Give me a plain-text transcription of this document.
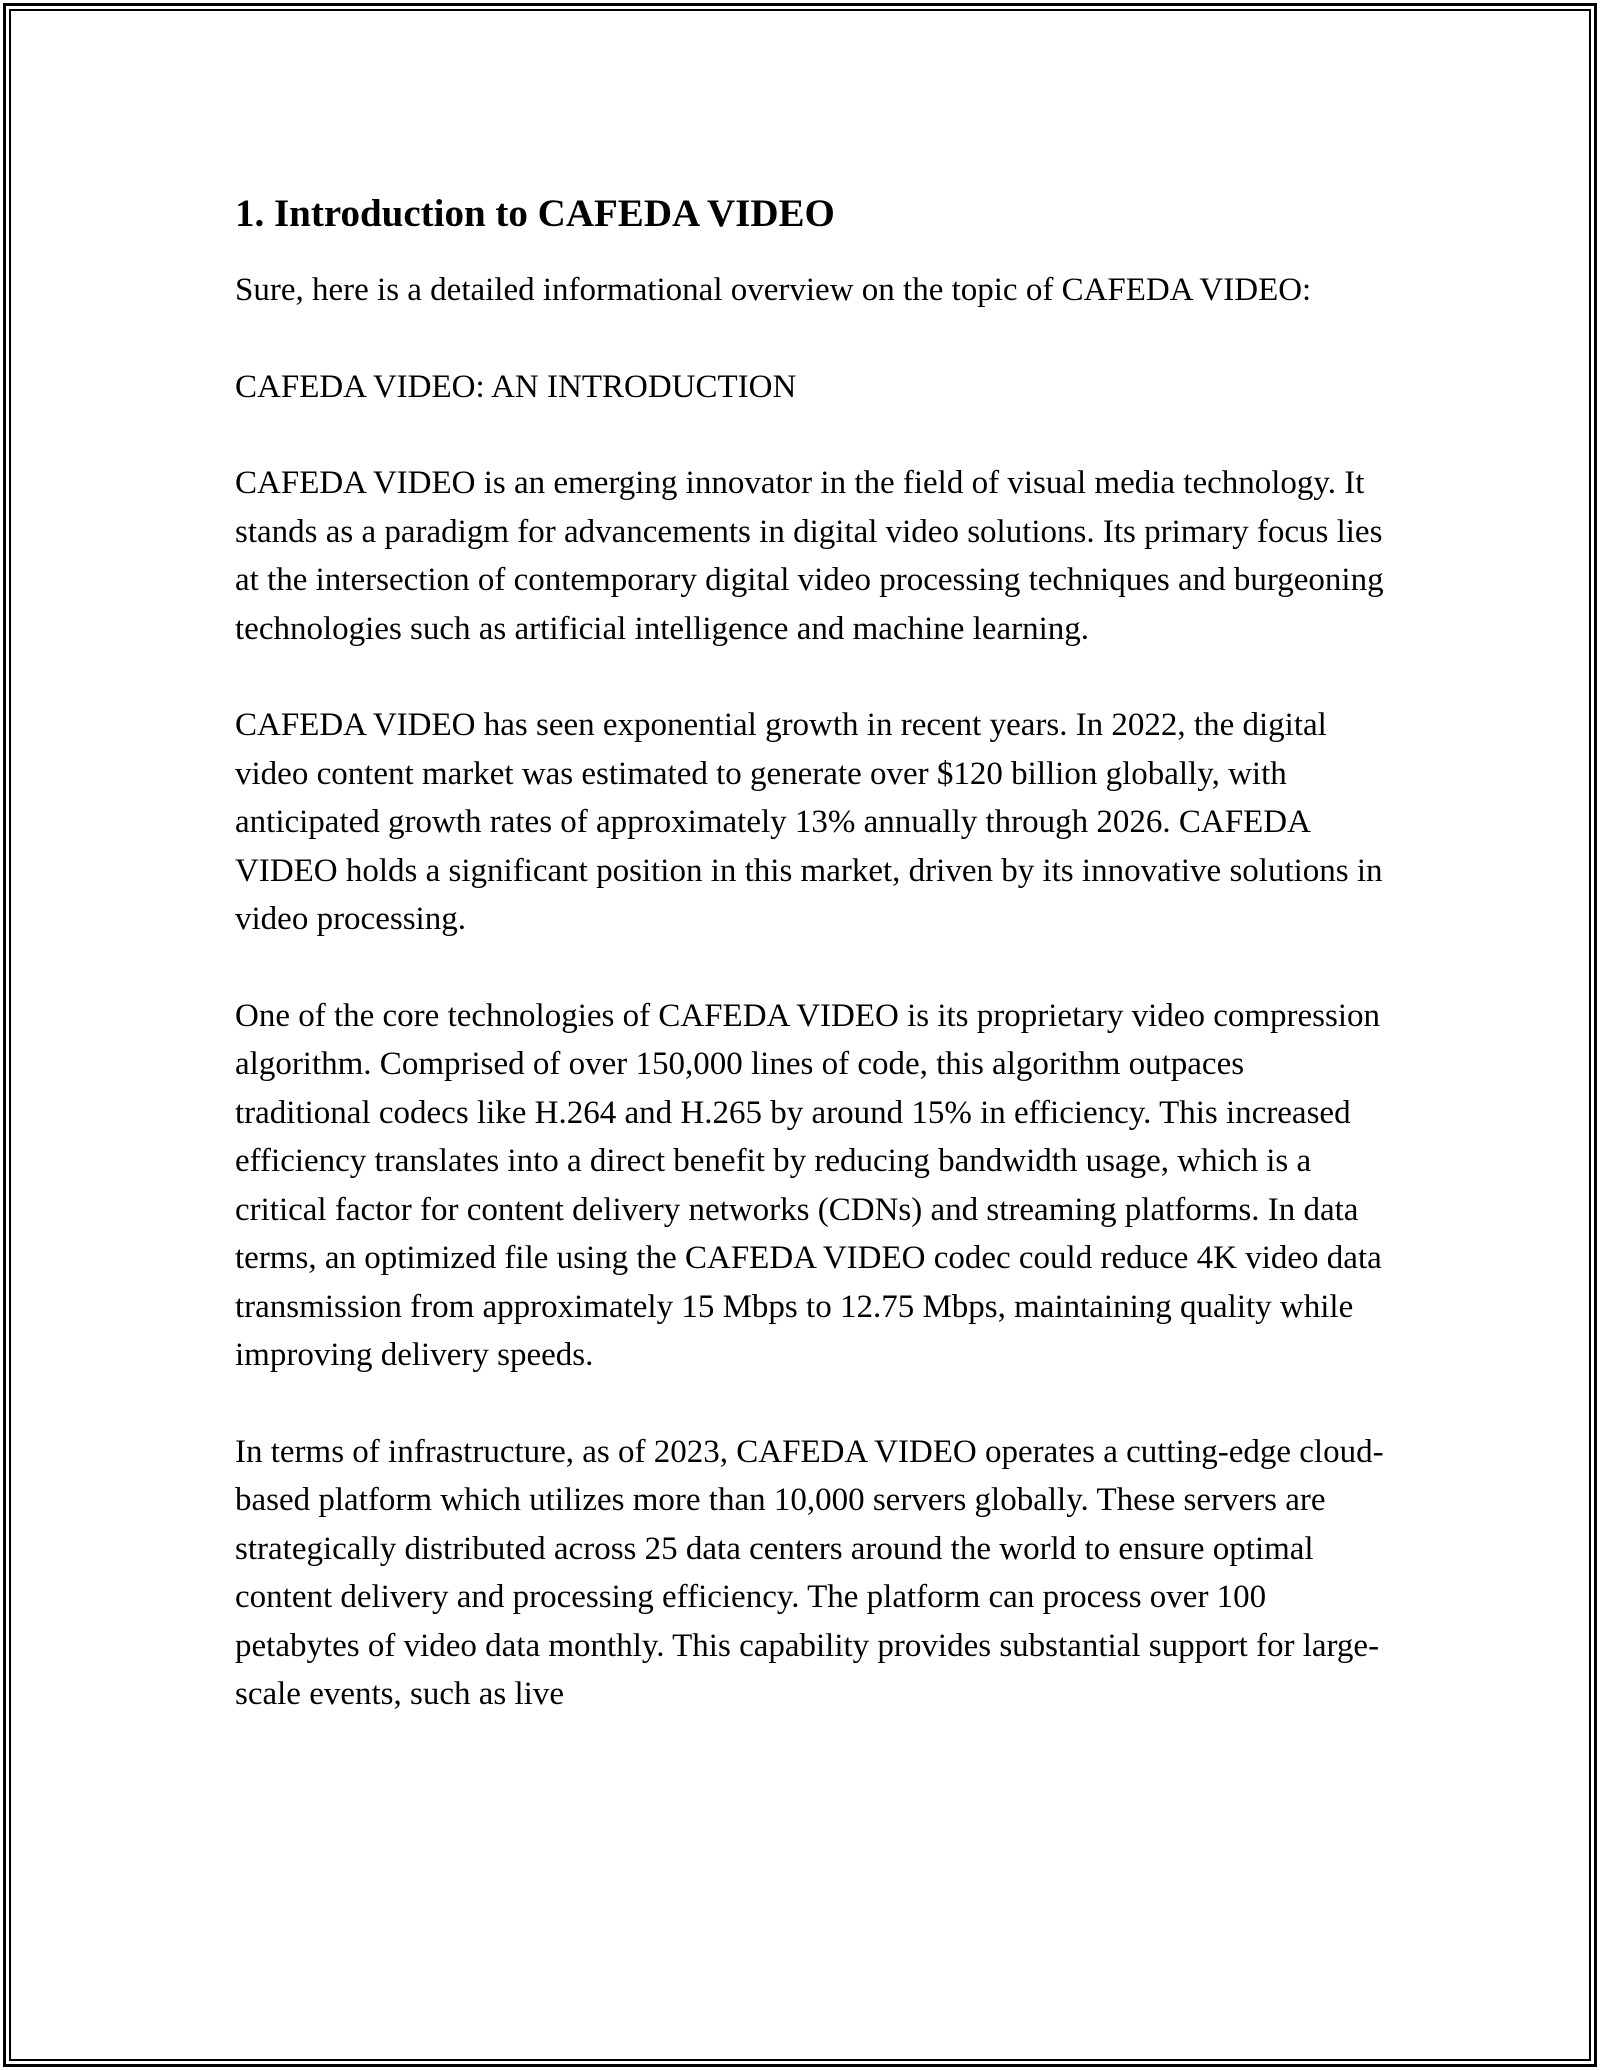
1. Introduction to CAFEDA VIDEO

Sure, here is a detailed informational overview on the topic of CAFEDA VIDEO:

CAFEDA VIDEO: AN INTRODUCTION

CAFEDA VIDEO is an emerging innovator in the field of visual media technology. It stands as a paradigm for advancements in digital video solutions. Its primary focus lies at the intersection of contemporary digital video processing techniques and burgeoning technologies such as artificial intelligence and machine learning.

CAFEDA VIDEO has seen exponential growth in recent years. In 2022, the digital video content market was estimated to generate over $120 billion globally, with anticipated growth rates of approximately 13% annually through 2026. CAFEDA VIDEO holds a significant position in this market, driven by its innovative solutions in video processing.

One of the core technologies of CAFEDA VIDEO is its proprietary video compression algorithm. Comprised of over 150,000 lines of code, this algorithm outpaces traditional codecs like H.264 and H.265 by around 15% in efficiency. This increased efficiency translates into a direct benefit by reducing bandwidth usage, which is a critical factor for content delivery networks (CDNs) and streaming platforms. In data terms, an optimized file using the CAFEDA VIDEO codec could reduce 4K video data transmission from approximately 15 Mbps to 12.75 Mbps, maintaining quality while improving delivery speeds.

In terms of infrastructure, as of 2023, CAFEDA VIDEO operates a cutting-edge cloud-based platform which utilizes more than 10,000 servers globally. These servers are strategically distributed across 25 data centers around the world to ensure optimal content delivery and processing efficiency. The platform can process over 100 petabytes of video data monthly. This capability provides substantial support for large-scale events, such as live
